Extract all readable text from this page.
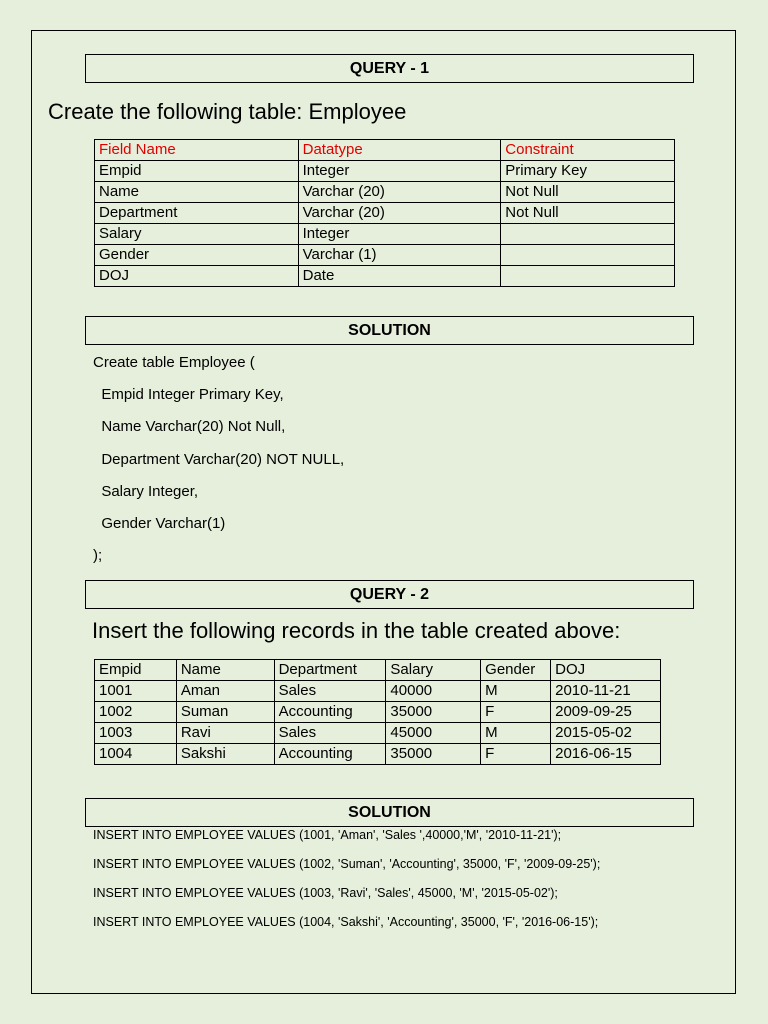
QUERY - 1
Create the following table: Employee
Field Name	Datatype	Constraint
Empid	Integer	Primary Key
Name	Varchar (20)	Not Null
Department	Varchar (20)	Not Null
Salary	Integer	
Gender	Varchar (1)	
DOJ	Date	
SOLUTION
Create table Employee (
Empid Integer Primary Key,
Name Varchar(20) Not Null,
Department Varchar(20) NOT NULL,
Salary Integer,
Gender Varchar(1)
);
QUERY - 2
Insert the following records in the table created above:
Empid	Name	Department	Salary	Gender	DOJ
1001	Aman	Sales	40000	M	2010-11-21
1002	Suman	Accounting	35000	F	2009-09-25
1003	Ravi	Sales	45000	M	2015-05-02
1004	Sakshi	Accounting	35000	F	2016-06-15
SOLUTION
INSERT INTO EMPLOYEE VALUES (1001, 'Aman', 'Sales ',40000,'M', '2010-11-21');
INSERT INTO EMPLOYEE VALUES (1002, 'Suman', 'Accounting', 35000, 'F', '2009-09-25');
INSERT INTO EMPLOYEE VALUES (1003, 'Ravi', 'Sales', 45000, 'M', '2015-05-02');
INSERT INTO EMPLOYEE VALUES (1004, 'Sakshi', 'Accounting', 35000, 'F', '2016-06-15');
